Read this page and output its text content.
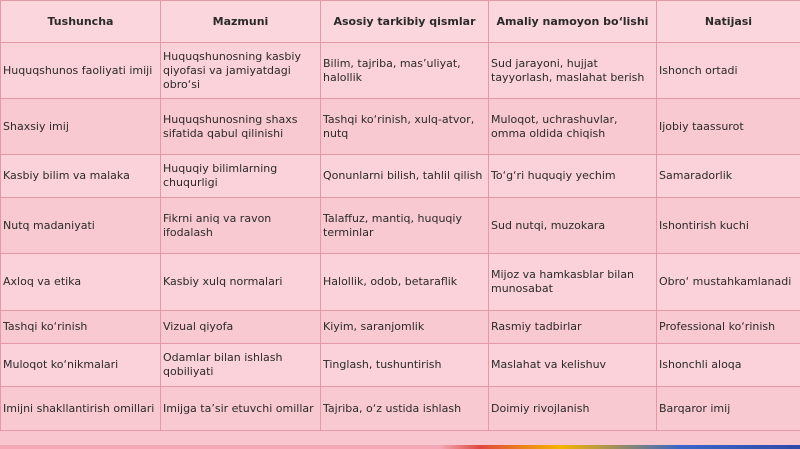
Tushuncha	Mazmuni	Asosiy tarkibiy qismlar	Amaliy namoyon bo‘lishi	Natijasi
Huquqshunos faoliyati imiji	Huquqshunosning kasbiy qiyofasi va jamiyatdagi obro‘si	Bilim, tajriba, mas’uliyat, halollik	Sud jarayoni, hujjat tayyorlash, maslahat berish	Ishonch ortadi
Shaxsiy imij	Huquqshunosning shaxs sifatida qabul qilinishi	Tashqi ko‘rinish, xulq-atvor, nutq	Muloqot, uchrashuvlar, omma oldida chiqish	Ijobiy taassurot
Kasbiy bilim va malaka	Huquqiy bilimlarning chuqurligi	Qonunlarni bilish, tahlil qilish	To‘g‘ri huquqiy yechim	Samaradorlik
Nutq madaniyati	Fikrni aniq va ravon ifodalash	Talaffuz, mantiq, huquqiy terminlar	Sud nutqi, muzokara	Ishontirish kuchi
Axloq va etika	Kasbiy xulq normalari	Halollik, odob, betaraflik	Mijoz va hamkasblar bilan munosabat	Obro‘ mustahkamlanadi
Tashqi ko‘rinish	Vizual qiyofa	Kiyim, saranjomlik	Rasmiy tadbirlar	Professional ko‘rinish
Muloqot ko‘nikmalari	Odamlar bilan ishlash qobiliyati	Tinglash, tushuntirish	Maslahat va kelishuv	Ishonchli aloqa
Imijni shakllantirish omillari	Imijga ta’sir etuvchi omillar	Tajriba, o‘z ustida ishlash	Doimiy rivojlanish	Barqaror imij
